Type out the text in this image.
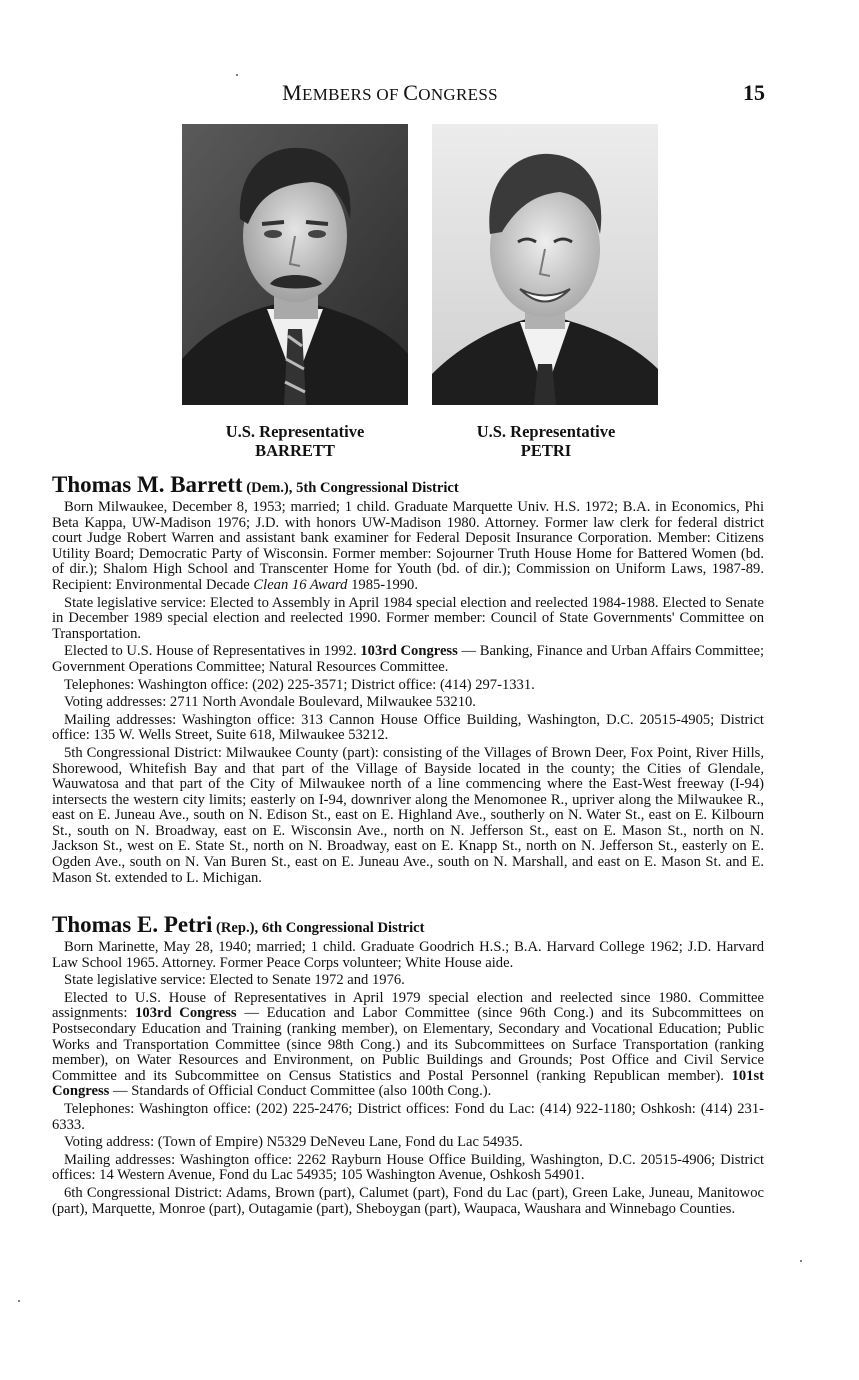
MEMBERS OF CONGRESS	15
U.S. Representative
BARRETT
U.S. Representative
PETRI

Thomas M. Barrett (Dem.), 5th Congressional District

Born Milwaukee, December 8, 1953; married; 1 child. Graduate Marquette Univ. H.S. 1972; B.A. in Economics, Phi Beta Kappa, UW-Madison 1976; J.D. with honors UW-Madison 1980. Attorney. Former law clerk for federal district court Judge Robert Warren and assistant bank examiner for Federal Deposit Insurance Corporation. Member: Citizens Utility Board; Democratic Party of Wisconsin. Former member: Sojourner Truth House Home for Battered Women (bd. of dir.); Shalom High School and Transcenter Home for Youth (bd. of dir.); Commission on Uniform Laws, 1987-89. Recipient: Environmental Decade Clean 16 Award 1985-1990.

State legislative service: Elected to Assembly in April 1984 special election and reelected 1984-1988. Elected to Senate in December 1989 special election and reelected 1990. Former member: Council of State Governments' Committee on Transportation.

Elected to U.S. House of Representatives in 1992. 103rd Congress — Banking, Finance and Urban Affairs Committee; Government Operations Committee; Natural Resources Committee.

Telephones: Washington office: (202) 225-3571; District office: (414) 297-1331.

Voting addresses: 2711 North Avondale Boulevard, Milwaukee 53210.

Mailing addresses: Washington office: 313 Cannon House Office Building, Washington, D.C. 20515-4905; District office: 135 W. Wells Street, Suite 618, Milwaukee 53212.

5th Congressional District: Milwaukee County (part): consisting of the Villages of Brown Deer, Fox Point, River Hills, Shorewood, Whitefish Bay and that part of the Village of Bayside located in the county; the Cities of Glendale, Wauwatosa and that part of the City of Milwaukee north of a line commencing where the East-West freeway (I-94) intersects the western city limits; easterly on I-94, downriver along the Menomonee R., upriver along the Milwaukee R., east on E. Juneau Ave., south on N. Edison St., east on E. Highland Ave., southerly on N. Water St., east on E. Kilbourn St., south on N. Broadway, east on E. Wisconsin Ave., north on N. Jefferson St., east on E. Mason St., north on N. Jackson St., west on E. State St., north on N. Broadway, east on E. Knapp St., north on N. Jefferson St., easterly on E. Ogden Ave., south on N. Van Buren St., east on E. Juneau Ave., south on N. Marshall, and east on E. Mason St. and E. Mason St. extended to L. Michigan.

Thomas E. Petri (Rep.), 6th Congressional District

Born Marinette, May 28, 1940; married; 1 child. Graduate Goodrich H.S.; B.A. Harvard College 1962; J.D. Harvard Law School 1965. Attorney. Former Peace Corps volunteer; White House aide.

State legislative service: Elected to Senate 1972 and 1976.

Elected to U.S. House of Representatives in April 1979 special election and reelected since 1980. Committee assignments: 103rd Congress — Education and Labor Committee (since 96th Cong.) and its Subcommittees on Postsecondary Education and Training (ranking member), on Elementary, Secondary and Vocational Education; Public Works and Transportation Committee (since 98th Cong.) and its Subcommittees on Surface Transportation (ranking member), on Water Resources and Environment, on Public Buildings and Grounds; Post Office and Civil Service Committee and its Subcommittee on Census Statistics and Postal Personnel (ranking Republican member). 101st Congress — Standards of Official Conduct Committee (also 100th Cong.).

Telephones: Washington office: (202) 225-2476; District offices: Fond du Lac: (414) 922-1180; Oshkosh: (414) 231-6333.

Voting address: (Town of Empire) N5329 DeNeveu Lane, Fond du Lac 54935.

Mailing addresses: Washington office: 2262 Rayburn House Office Building, Washington, D.C. 20515-4906; District offices: 14 Western Avenue, Fond du Lac 54935; 105 Washington Avenue, Oshkosh 54901.

6th Congressional District: Adams, Brown (part), Calumet (part), Fond du Lac (part), Green Lake, Juneau, Manitowoc (part), Marquette, Monroe (part), Outagamie (part), Sheboygan (part), Waupaca, Waushara and Winnebago Counties.
